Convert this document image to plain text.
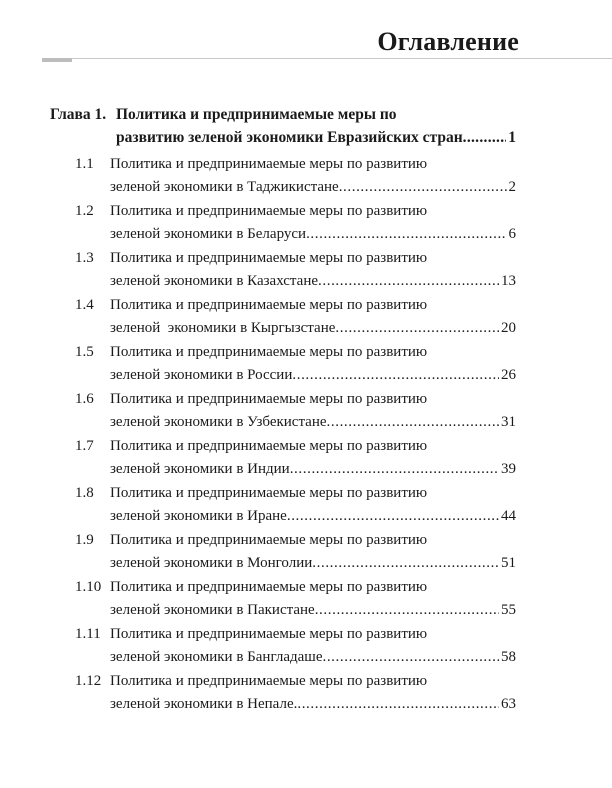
Оглавление
Глава 1. Политика и предпринимаемые меры по
развитию зеленой экономики Евразийских стран .....	1
1.1	Политика и предпринимаемые меры по развитию
зеленой экономики в Таджикистане .....	2
1.2	Политика и предпринимаемые меры по развитию
зеленой экономики в Беларуси .....	6
1.3	Политика и предпринимаемые меры по развитию
зеленой экономики в Казахстане .....	13
1.4	Политика и предпринимаемые меры по развитию
зеленой  экономики в Кыргызстане .....	20
1.5	Политика и предпринимаемые меры по развитию
зеленой экономики в России .....	26
1.6	Политика и предпринимаемые меры по развитию
зеленой экономики в Узбекистане .....	31
1.7	Политика и предпринимаемые меры по развитию
зеленой экономики в Индии .....	39
1.8	Политика и предпринимаемые меры по развитию
зеленой экономики в Иране .....	44
1.9	Политика и предпринимаемые меры по развитию
зеленой экономики в Монголии .....	51
1.10 Политика и предпринимаемые меры по развитию
зеленой экономики в Пакистане .....	55
1.11 Политика и предпринимаемые меры по развитию
зеленой экономики в Бангладаше .....	58
1.12 Политика и предпринимаемые меры по развитию
зеленой экономики в Непале. .....	63
